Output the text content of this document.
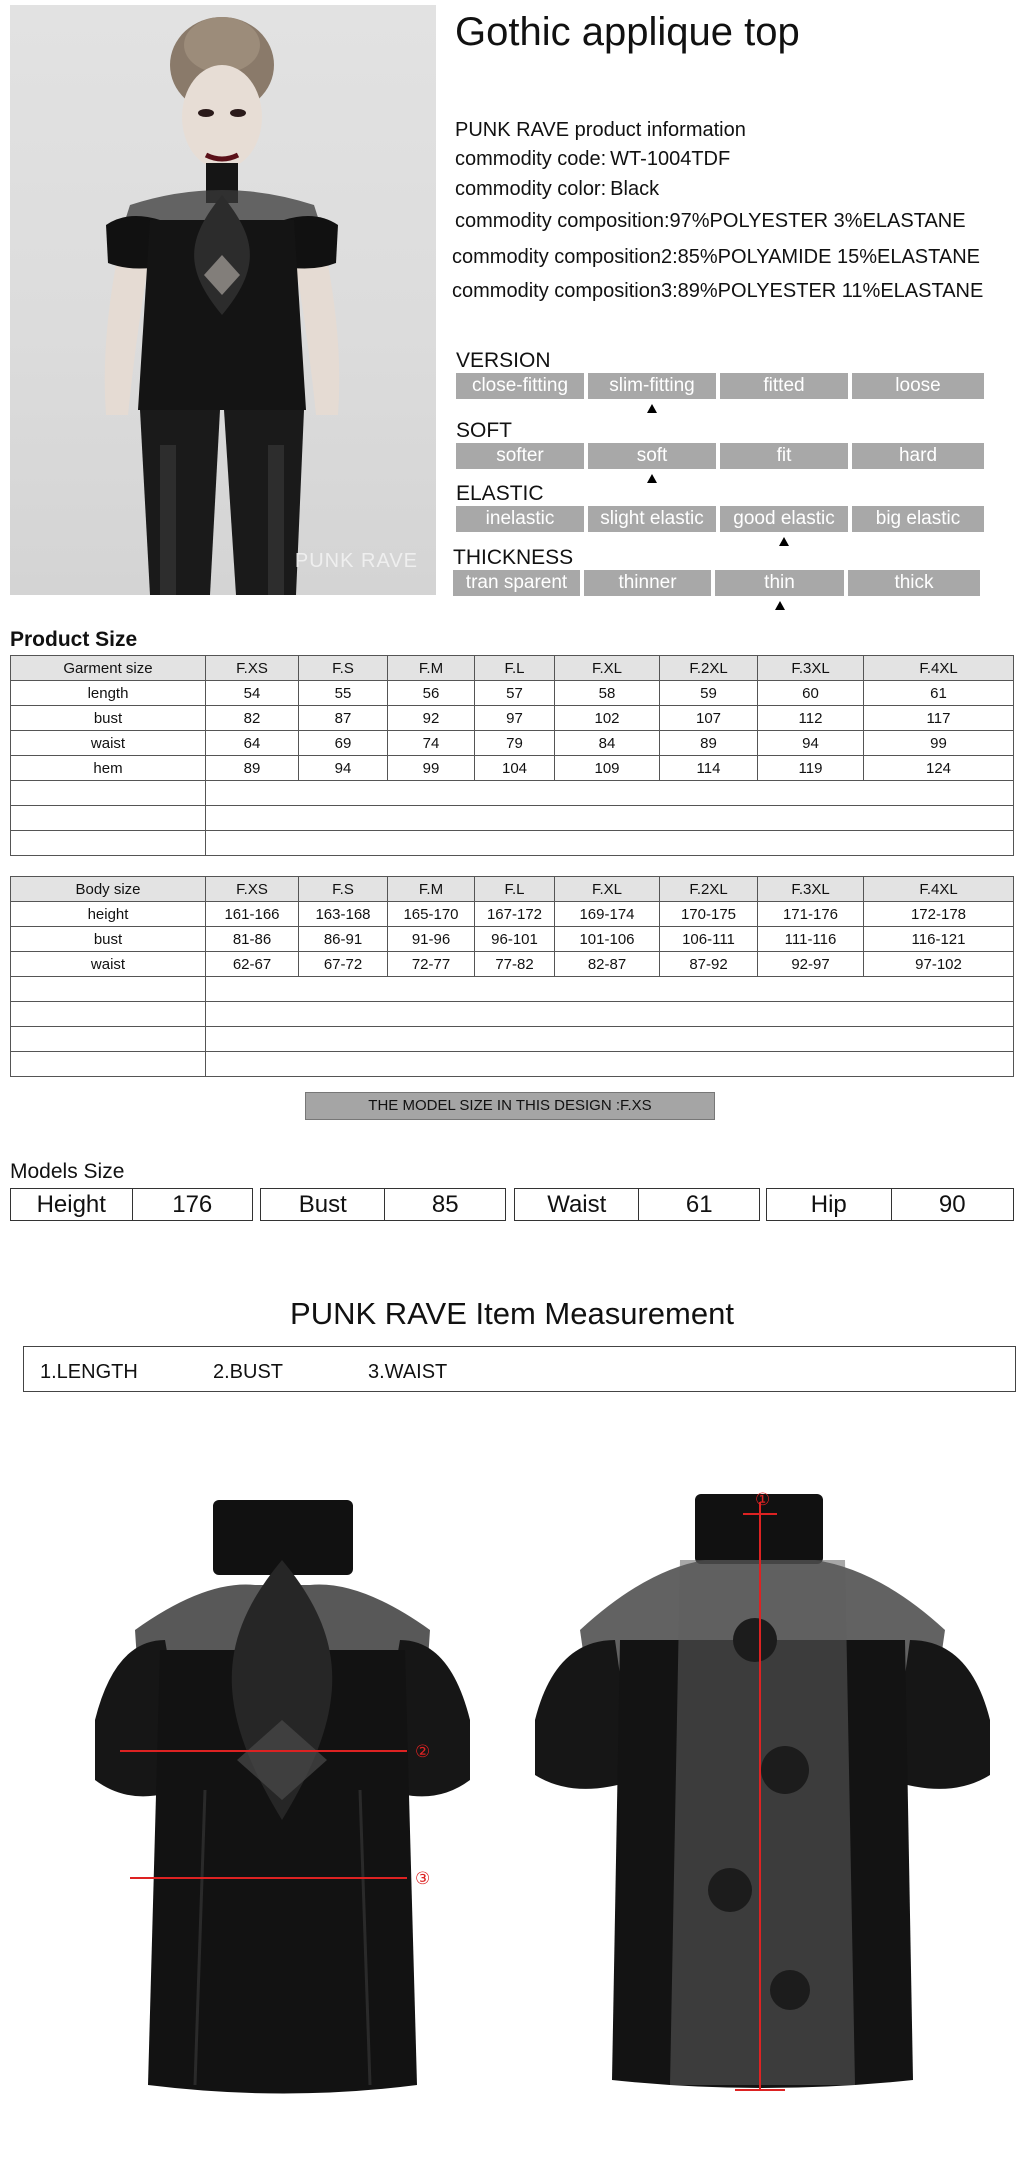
PUNK RAVE
Gothic applique top
PUNK RAVE product information
commodity code: WT-1004TDF
commodity color: Black
commodity composition:97%POLYESTER 3%ELASTANE
commodity composition2:85%POLYAMIDE 15%ELASTANE
commodity composition3:89%POLYESTER 11%ELASTANE
VERSION
close-fitting	slim-fitting	fitted	loose
SOFT
softer	soft	fit	hard
ELASTIC
inelastic	slight elastic	good elastic	big elastic
THICKNESS
tran sparent	thinner	thin	thick
Product Size
Garment size	F.XS	F.S	F.M	F.L	F.XL	F.2XL	F.3XL	F.4XL
length	54	55	56	57	58	59	60	61
bust	82	87	92	97	102	107	112	117
waist	64	69	74	79	84	89	94	99
hem	89	94	99	104	109	114	119	124

Body size	F.XS	F.S	F.M	F.L	F.XL	F.2XL	F.3XL	F.4XL
height	161-166	163-168	165-170	167-172	169-174	170-175	171-176	172-178
bust	81-86	86-91	91-96	96-101	101-106	106-111	111-116	116-121
waist	62-67	67-72	72-77	77-82	82-87	87-92	92-97	97-102

THE MODEL SIZE IN THIS DESIGN :F.XS
Models Size
Height	176	Bust	85	Waist	61	Hip	90
PUNK RAVE Item Measurement
1.LENGTH	2.BUST	3.WAIST
②
③
①
